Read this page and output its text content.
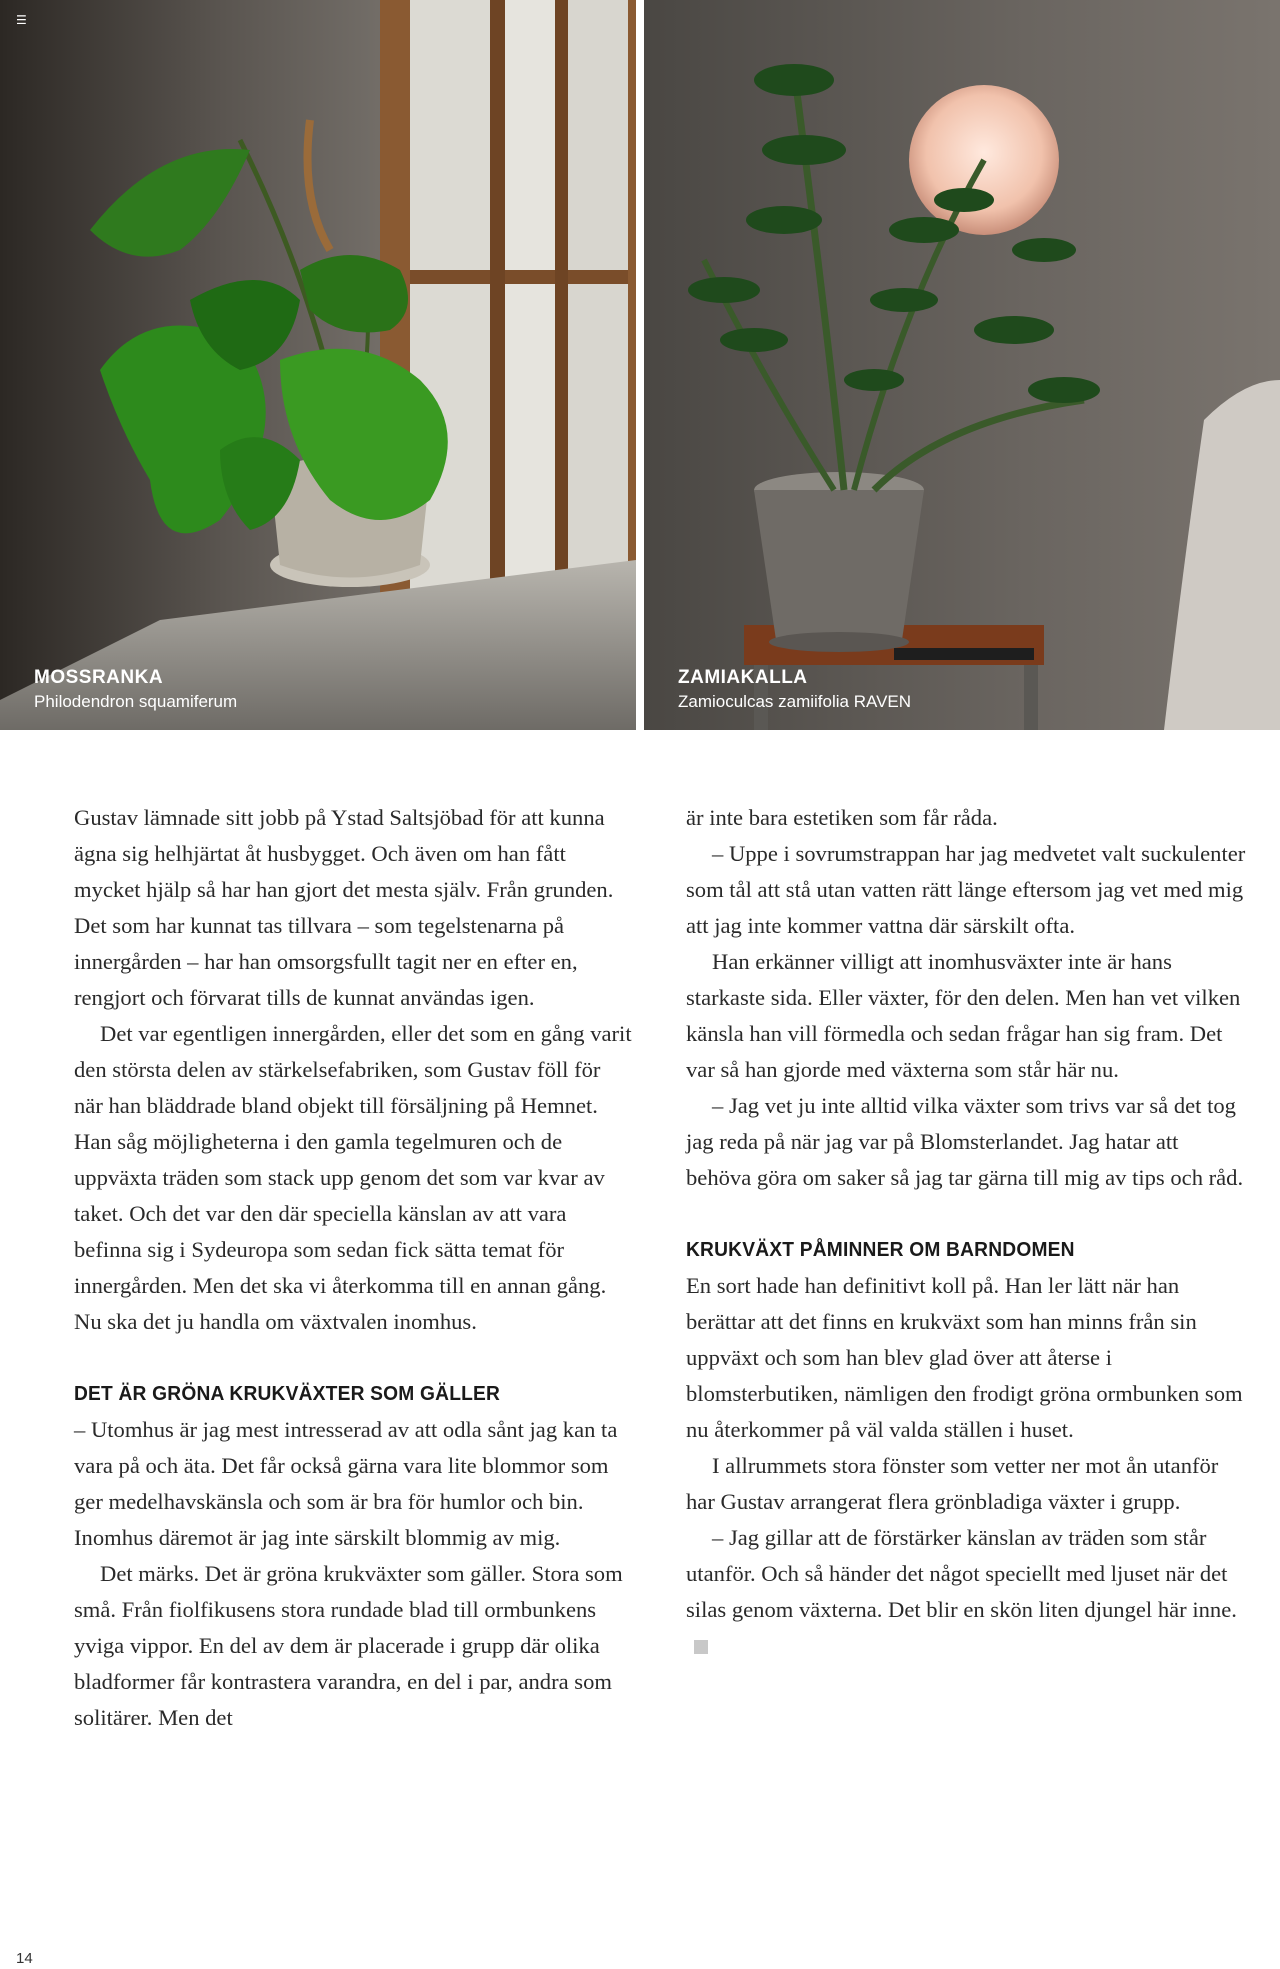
☰
MOSSRANKA
Philodendron squamiferum
ZAMIAKALLA
Zamioculcas zamiifolia RAVEN

Gustav lämnade sitt jobb på Ystad Saltsjöbad för att kunna ägna sig helhjärtat åt husbygget. Och även om han fått mycket hjälp så har han gjort det mesta själv. Från grunden. Det som har kunnat tas tillvara – som tegelstenarna på innergården – har han omsorgsfullt tagit ner en efter en, rengjort och förvarat tills de kunnat användas igen.

Det var egentligen innergården, eller det som en gång varit den största delen av stärkelsefabriken, som Gustav föll för när han bläddrade bland objekt till försäljning på Hemnet. Han såg möjligheterna i den gamla tegelmuren och de uppväxta träden som stack upp genom det som var kvar av taket. Och det var den där speciella känslan av att vara befinna sig i Sydeuropa som sedan fick sätta temat för innergården. Men det ska vi återkomma till en annan gång. Nu ska det ju handla om växtvalen inomhus.

DET ÄR GRÖNA KRUKVÄXTER SOM GÄLLER

– Utomhus är jag mest intresserad av att odla sånt jag kan ta vara på och äta. Det får också gärna vara lite blommor som ger medelhavskänsla och som är bra för humlor och bin. Inomhus däremot är jag inte särskilt blommig av mig.

Det märks. Det är gröna krukväxter som gäller. Stora som små. Från fiolfikusens stora rundade blad till ormbunkens yviga vippor. En del av dem är placerade i grupp där olika bladformer får kontrastera varandra, en del i par, andra som solitärer. Men det

är inte bara estetiken som får råda.

– Uppe i sovrumstrappan har jag medvetet valt suckulenter som tål att stå utan vatten rätt länge eftersom jag vet med mig att jag inte kommer vattna där särskilt ofta.

Han erkänner villigt att inomhusväxter inte är hans starkaste sida. Eller växter, för den delen. Men han vet vilken känsla han vill förmedla och sedan frågar han sig fram. Det var så han gjorde med växterna som står här nu.

– Jag vet ju inte alltid vilka växter som trivs var så det tog jag reda på när jag var på Blomsterlandet. Jag hatar att behöva göra om saker så jag tar gärna till mig av tips och råd.

KRUKVÄXT PÅMINNER OM BARNDOMEN

En sort hade han definitivt koll på. Han ler lätt när han berättar att det finns en krukväxt som han minns från sin uppväxt och som han blev glad över att återse i blomsterbutiken, nämligen den frodigt gröna ormbunken som nu återkommer på väl valda ställen i huset.

I allrummets stora fönster som vetter ner mot ån utanför har Gustav arrangerat flera grönbladiga växter i grupp.

– Jag gillar att de förstärker känslan av träden som står utanför. Och så händer det något speciellt med ljuset när det silas genom växterna. Det blir en skön liten djungel här inne.

14
